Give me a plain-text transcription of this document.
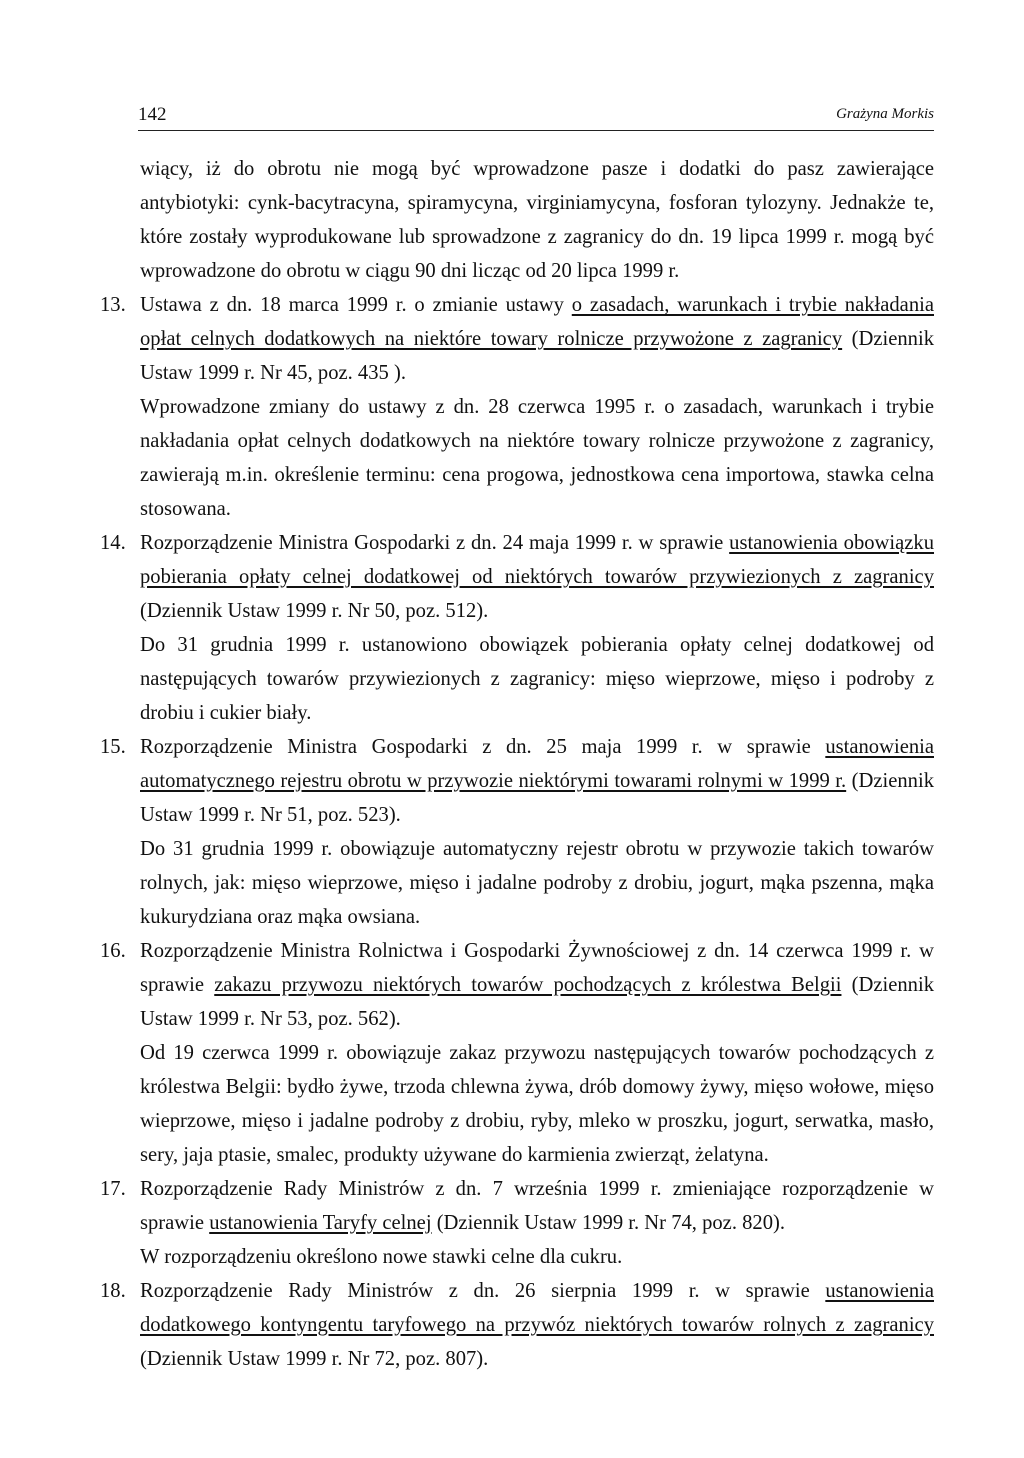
142	Grażyna Morkis

wiący, iż do obrotu nie mogą być wprowadzone pasze i dodatki do pasz zawierające antybiotyki: cynk-bacytracyna, spiramycyna, virginiamycyna, fosforan tylozyny. Jednakże te, które zostały wyprodukowane lub sprowadzone z zagranicy do dn. 19 lipca 1999 r. mogą być wprowadzone do obrotu w ciągu 90 dni licząc od 20 lipca 1999 r.

13. Ustawa z dn. 18 marca 1999 r. o zmianie ustawy o zasadach, warunkach i trybie nakładania opłat celnych dodatkowych na niektóre towary rolnicze przywożone z zagranicy (Dziennik Ustaw 1999 r. Nr 45, poz. 435 ).

Wprowadzone zmiany do ustawy z dn. 28 czerwca 1995 r. o zasadach, warunkach i trybie nakładania opłat celnych dodatkowych na niektóre towary rolnicze przywożone z zagranicy, zawierają m.in. określenie terminu: cena progowa, jednostkowa cena importowa, stawka celna stosowana.

14. Rozporządzenie Ministra Gospodarki z dn. 24 maja 1999 r. w sprawie ustanowienia obowiązku pobierania opłaty celnej dodatkowej od niektórych towarów przywiezionych z zagranicy (Dziennik Ustaw 1999 r. Nr 50, poz. 512).

Do 31 grudnia 1999 r. ustanowiono obowiązek pobierania opłaty celnej dodatkowej od następujących towarów przywiezionych z zagranicy: mięso wieprzowe, mięso i podroby z drobiu i cukier biały.

15. Rozporządzenie Ministra Gospodarki z dn. 25 maja 1999 r. w sprawie ustanowienia automatycznego rejestru obrotu w przywozie niektórymi towarami rolnymi w 1999 r. (Dziennik Ustaw 1999 r. Nr 51, poz. 523).

Do 31 grudnia 1999 r. obowiązuje automatyczny rejestr obrotu w przywozie takich towarów rolnych, jak: mięso wieprzowe, mięso i jadalne podroby z drobiu, jogurt, mąka pszenna, mąka kukurydziana oraz mąka owsiana.

16. Rozporządzenie Ministra Rolnictwa i Gospodarki Żywnościowej z dn. 14 czerwca 1999 r. w sprawie zakazu przywozu niektórych towarów pochodzących z królestwa Belgii (Dziennik Ustaw 1999 r. Nr 53, poz. 562).

Od 19 czerwca 1999 r. obowiązuje zakaz przywozu następujących towarów pochodzących z królestwa Belgii: bydło żywe, trzoda chlewna żywa, drób domowy żywy, mięso wołowe, mięso wieprzowe, mięso i jadalne podroby z drobiu, ryby, mleko w proszku, jogurt, serwatka, masło, sery, jaja ptasie, smalec, produkty używane do karmienia zwierząt, żelatyna.

17. Rozporządzenie Rady Ministrów z dn. 7 września 1999 r. zmieniające rozporządzenie w sprawie ustanowienia Taryfy celnej (Dziennik Ustaw 1999 r. Nr 74, poz. 820).

W rozporządzeniu określono nowe stawki celne dla cukru.

18. Rozporządzenie Rady Ministrów z dn. 26 sierpnia 1999 r. w sprawie ustanowienia dodatkowego kontyngentu taryfowego na przywóz niektórych towarów rolnych z zagranicy (Dziennik Ustaw 1999 r. Nr 72, poz. 807).
